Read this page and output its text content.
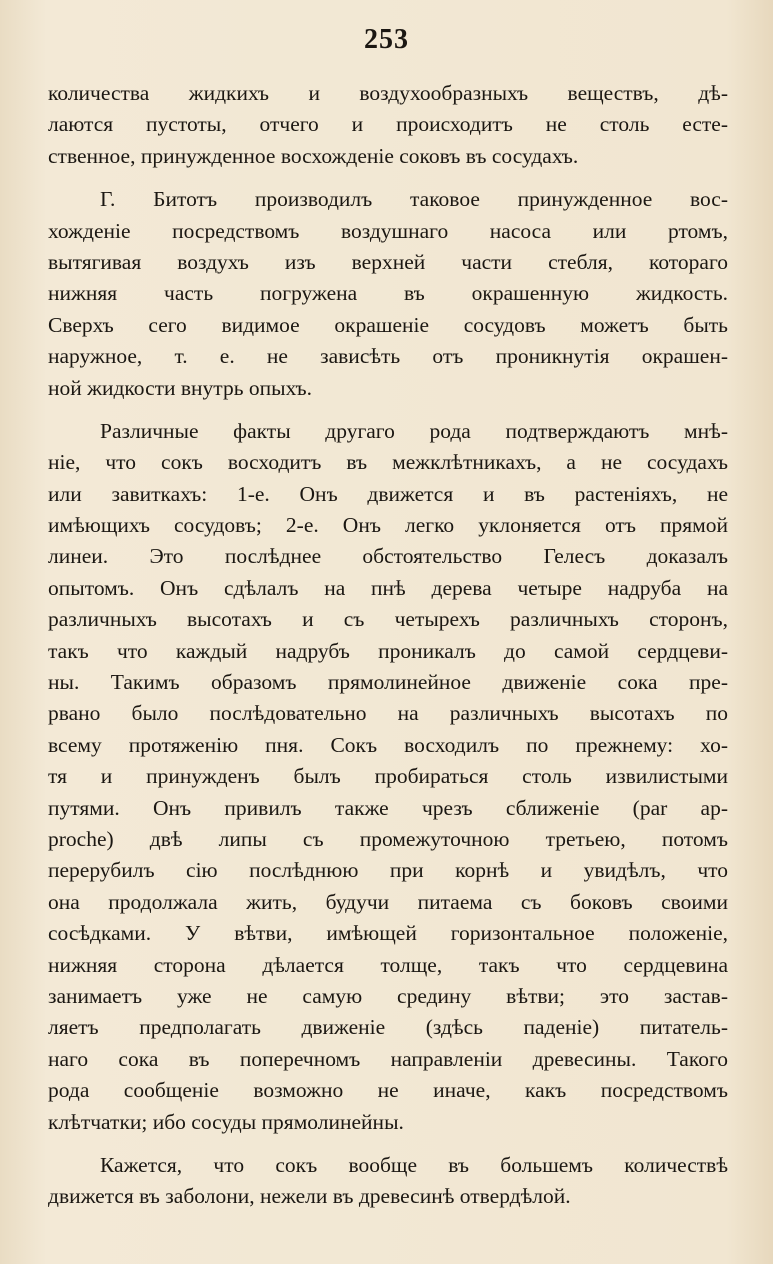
253
количества жидкихъ и воздухообразныхъ веществъ, дѣ-
лаются пустоты, отчего и происходитъ не столь есте-
ственное, принужденное восхожденіе соковъ въ сосудахъ.
Г. Битотъ производилъ таковое принужденное вос-
хожденіе посредствомъ воздушнаго насоса или ртомъ,
вытягивая воздухъ изъ верхней части стебля, котораго
нижняя часть погружена въ окрашенную жидкость.
Сверхъ сего видимое окрашеніе сосудовъ можетъ быть
наружное, т. е. не зависѣть отъ проникнутія окрашен-
ной жидкости внутрь опыхъ.
Различные факты другаго рода подтверждаютъ мнѣ-
ніе, что сокъ восходитъ въ межклѣтникахъ, а не сосудахъ
или завиткахъ: 1-е. Онъ движется и въ растеніяхъ, не
имѣющихъ сосудовъ; 2-е. Онъ легко уклоняется отъ прямой
линеи. Это послѣднее обстоятельство Гелесъ доказалъ
опытомъ. Онъ сдѣлалъ на пнѣ дерева четыре надруба на
различныхъ высотахъ и съ четырехъ различныхъ сторонъ,
такъ что каждый надрубъ проникалъ до самой сердцеви-
ны. Такимъ образомъ прямолинейное движеніе сока пре-
рвано было послѣдовательно на различныхъ высотахъ по
всему протяженію пня. Сокъ восходилъ по прежнему: хо-
тя и принужденъ былъ пробираться столь извилистыми
путями. Онъ привилъ также чрезъ сближеніе (par ap-
proche) двѣ липы съ промежуточною третьею, потомъ
перерубилъ сію послѣднюю при корнѣ и увидѣлъ, что
она продолжала жить, будучи питаема съ боковъ своими
сосѣдками. У вѣтви, имѣющей горизонтальное положеніе,
нижняя сторона дѣлается толще, такъ что сердцевина
занимаетъ уже не самую средину вѣтви; это застав-
ляетъ предполагать движеніе (здѣсь паденіе) питатель-
наго сока въ поперечномъ направленіи древесины. Такого
рода сообщеніе возможно не иначе, какъ посредствомъ
клѣтчатки; ибо сосуды прямолинейны.
Кажется, что сокъ вообще въ большемъ количествѣ
движется въ заболони, нежели въ древесинѣ отвердѣлой.
